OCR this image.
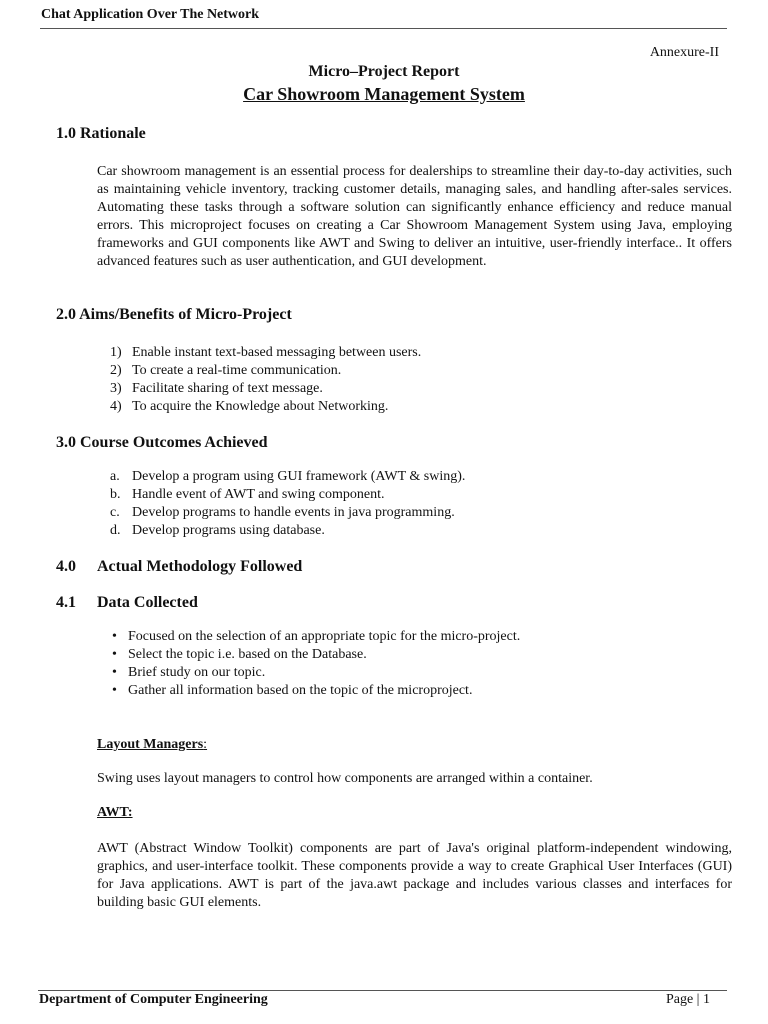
Chat Application Over The Network
Annexure-II
Micro–Project Report
Car Showroom Management System
1.0 Rationale
Car showroom management is an essential process for dealerships to streamline their day-to-day activities, such as maintaining vehicle inventory, tracking customer details, managing sales, and handling after-sales services. Automating these tasks through a software solution can significantly enhance efficiency and reduce manual errors. This microproject focuses on creating a Car Showroom Management System using Java, employing frameworks and GUI components like AWT and Swing to deliver an intuitive, user-friendly interface.. It offers advanced features such as user authentication, and GUI development.
2.0 Aims/Benefits of Micro-Project
1) Enable instant text-based messaging between users.
2) To create a real-time communication.
3) Facilitate sharing of text message.
4) To acquire the Knowledge about Networking.
3.0 Course Outcomes Achieved
a. Develop a program using GUI framework (AWT & swing).
b. Handle event of AWT and swing component.
c. Develop programs to handle events in java programming.
d. Develop programs using database.
4.0 Actual Methodology Followed
4.1 Data Collected
• Focused on the selection of an appropriate topic for the micro-project.
• Select the topic i.e. based on the Database.
• Brief study on our topic.
• Gather all information based on the topic of the microproject.
Layout Managers:
Swing uses layout managers to control how components are arranged within a container.
AWT:
AWT (Abstract Window Toolkit) components are part of Java's original platform-independent windowing, graphics, and user-interface toolkit. These components provide a way to create Graphical User Interfaces (GUI) for Java applications. AWT is part of the java.awt package and includes various classes and interfaces for building basic GUI elements.
Department of Computer Engineering	Page | 1
